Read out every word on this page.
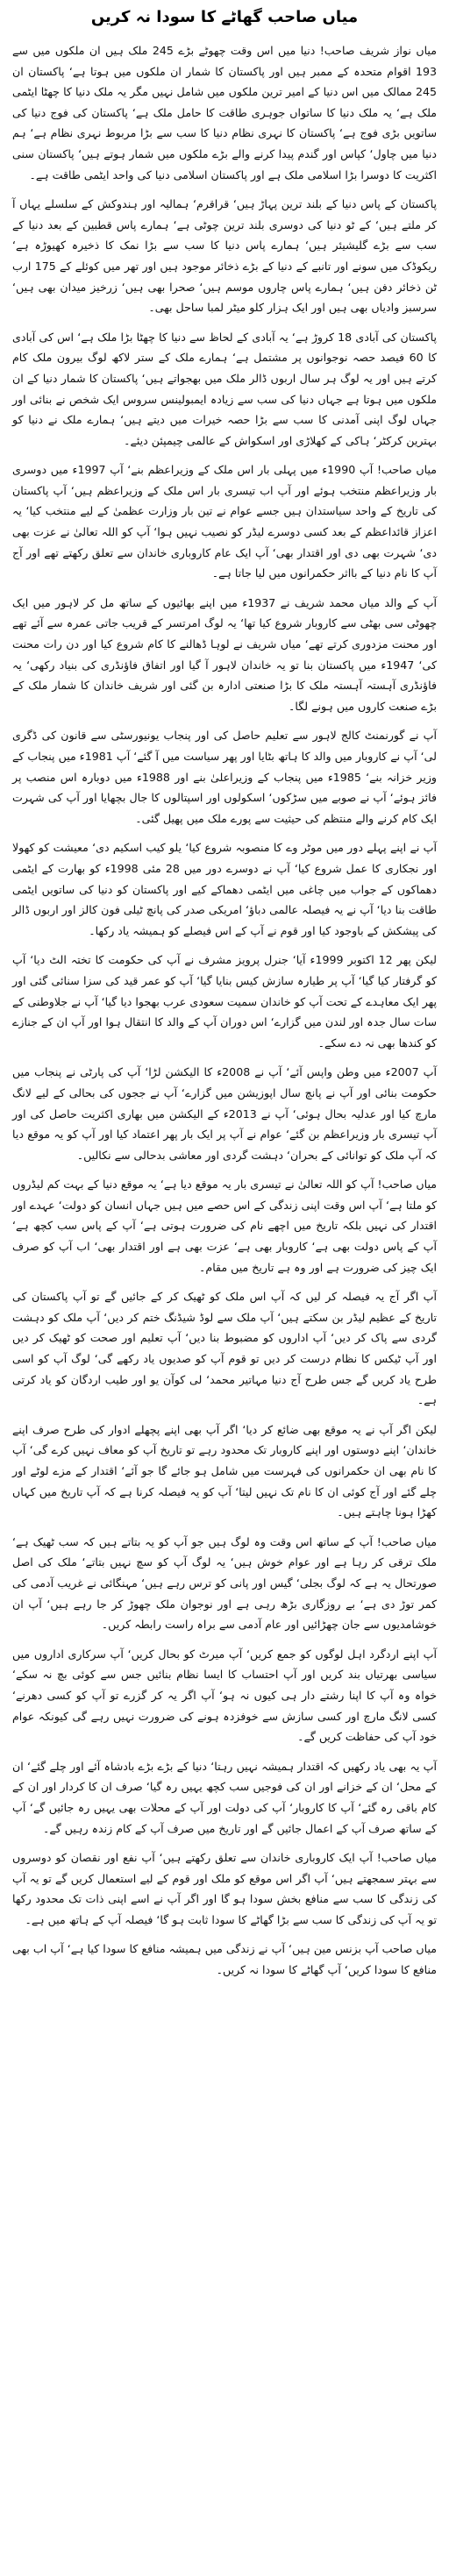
میاں صاحب گھاٹے کا سودا نہ کریں

میاں نواز شریف صاحب! دنیا میں اس وقت چھوٹے بڑے 245 ملک ہیں ان ملکوں میں سے 193 اقوام متحدہ کے ممبر ہیں اور پاکستان کا شمار ان ملکوں میں ہوتا ہے‘ پاکستان ان 245 ممالک میں اس دنیا کے امیر ترین ملکوں میں شامل نہیں مگر یہ ملک دنیا کا چھٹا ایٹمی ملک ہے‘ یہ ملک دنیا کا ساتواں جوہری طاقت کا حامل ملک ہے‘ پاکستان کی فوج دنیا کی ساتویں بڑی فوج ہے‘ پاکستان کا نہری نظام دنیا کا سب سے بڑا مربوط نہری نظام ہے‘ ہم دنیا میں چاول‘ کپاس اور گندم پیدا کرنے والے بڑے ملکوں میں شمار ہوتے ہیں‘ پاکستان سنی اکثریت کا دوسرا بڑا اسلامی ملک ہے اور پاکستان اسلامی دنیا کی واحد ایٹمی طاقت ہے۔

پاکستان کے پاس دنیا کے بلند ترین پہاڑ ہیں‘ قراقرم‘ ہمالیہ اور ہندوکش کے سلسلے یہاں آ کر ملتے ہیں‘ کے ٹو دنیا کی دوسری بلند ترین چوٹی ہے‘ ہمارے پاس قطبین کے بعد دنیا کے سب سے بڑے گلیشیئر ہیں‘ ہمارے پاس دنیا کا سب سے بڑا نمک کا ذخیرہ کھیوڑہ ہے‘ ریکوڈک میں سونے اور تانبے کے دنیا کے بڑے ذخائر موجود ہیں اور تھر میں کوئلے کے 175 ارب ٹن ذخائر دفن ہیں‘ ہمارے پاس چاروں موسم ہیں‘ صحرا بھی ہیں‘ زرخیز میدان بھی ہیں‘ سرسبز وادیاں بھی ہیں اور ایک ہزار کلو میٹر لمبا ساحل بھی۔

پاکستان کی آبادی 18 کروڑ ہے‘ یہ آبادی کے لحاظ سے دنیا کا چھٹا بڑا ملک ہے‘ اس کی آبادی کا 60 فیصد حصہ نوجوانوں پر مشتمل ہے‘ ہمارے ملک کے ستر لاکھ لوگ بیرون ملک کام کرتے ہیں اور یہ لوگ ہر سال اربوں ڈالر ملک میں بھجواتے ہیں‘ پاکستان کا شمار دنیا کے ان ملکوں میں ہوتا ہے جہاں دنیا کی سب سے زیادہ ایمبولینس سروس ایک شخص نے بنائی اور جہاں لوگ اپنی آمدنی کا سب سے بڑا حصہ خیرات میں دیتے ہیں‘ ہمارے ملک نے دنیا کو بہترین کرکٹر‘ ہاکی کے کھلاڑی اور اسکواش کے عالمی چیمپئن دیئے۔

میاں صاحب! آپ 1990ء میں پہلی بار اس ملک کے وزیراعظم بنے‘ آپ 1997ء میں دوسری بار وزیراعظم منتخب ہوئے اور آپ اب تیسری بار اس ملک کے وزیراعظم ہیں‘ آپ پاکستان کی تاریخ کے واحد سیاستدان ہیں جسے عوام نے تین بار وزارت عظمیٰ کے لیے منتخب کیا‘ یہ اعزاز قائداعظم کے بعد کسی دوسرے لیڈر کو نصیب نہیں ہوا‘ آپ کو اللہ تعالیٰ نے عزت بھی دی‘ شہرت بھی دی اور اقتدار بھی‘ آپ ایک عام کاروباری خاندان سے تعلق رکھتے تھے اور آج آپ کا نام دنیا کے بااثر حکمرانوں میں لیا جاتا ہے۔

آپ کے والد میاں محمد شریف نے 1937ء میں اپنے بھائیوں کے ساتھ مل کر لاہور میں ایک چھوٹی سی بھٹی سے کاروبار شروع کیا تھا‘ یہ لوگ امرتسر کے قریب جاتی عمرہ سے آئے تھے اور محنت مزدوری کرتے تھے‘ میاں شریف نے لوہا ڈھالنے کا کام شروع کیا اور دن رات محنت کی‘ 1947ء میں پاکستان بنا تو یہ خاندان لاہور آ گیا اور اتفاق فاؤنڈری کی بنیاد رکھی‘ یہ فاؤنڈری آہستہ آہستہ ملک کا بڑا صنعتی ادارہ بن گئی اور شریف خاندان کا شمار ملک کے بڑے صنعت کاروں میں ہونے لگا۔

آپ نے گورنمنٹ کالج لاہور سے تعلیم حاصل کی اور پنجاب یونیورسٹی سے قانون کی ڈگری لی‘ آپ نے کاروبار میں والد کا ہاتھ بٹایا اور پھر سیاست میں آ گئے‘ آپ 1981ء میں پنجاب کے وزیر خزانہ بنے‘ 1985ء میں پنجاب کے وزیراعلیٰ بنے اور 1988ء میں دوبارہ اس منصب پر فائز ہوئے‘ آپ نے صوبے میں سڑکوں‘ اسکولوں اور اسپتالوں کا جال بچھایا اور آپ کی شہرت ایک کام کرنے والے منتظم کی حیثیت سے پورے ملک میں پھیل گئی۔

آپ نے اپنے پہلے دور میں موٹر وے کا منصوبہ شروع کیا‘ یلو کیب اسکیم دی‘ معیشت کو کھولا اور نجکاری کا عمل شروع کیا‘ آپ نے دوسرے دور میں 28 مئی 1998ء کو بھارت کے ایٹمی دھماکوں کے جواب میں چاغی میں ایٹمی دھماکے کیے اور پاکستان کو دنیا کی ساتویں ایٹمی طاقت بنا دیا‘ آپ نے یہ فیصلہ عالمی دباؤ‘ امریکی صدر کی پانچ ٹیلی فون کالز اور اربوں ڈالر کی پیشکش کے باوجود کیا اور قوم نے آپ کے اس فیصلے کو ہمیشہ یاد رکھا۔

لیکن پھر 12 اکتوبر 1999ء آیا‘ جنرل پرویز مشرف نے آپ کی حکومت کا تختہ الٹ دیا‘ آپ کو گرفتار کیا گیا‘ آپ پر طیارہ سازش کیس بنایا گیا‘ آپ کو عمر قید کی سزا سنائی گئی اور پھر ایک معاہدے کے تحت آپ کو خاندان سمیت سعودی عرب بھجوا دیا گیا‘ آپ نے جلاوطنی کے سات سال جدہ اور لندن میں گزارے‘ اس دوران آپ کے والد کا انتقال ہوا اور آپ ان کے جنازے کو کندھا بھی نہ دے سکے۔

آپ 2007ء میں وطن واپس آئے‘ آپ نے 2008ء کا الیکشن لڑا‘ آپ کی پارٹی نے پنجاب میں حکومت بنائی اور آپ نے پانچ سال اپوزیشن میں گزارے‘ آپ نے ججوں کی بحالی کے لیے لانگ مارچ کیا اور عدلیہ بحال ہوئی‘ آپ نے 2013ء کے الیکشن میں بھاری اکثریت حاصل کی اور آپ تیسری بار وزیراعظم بن گئے‘ عوام نے آپ پر ایک بار پھر اعتماد کیا اور آپ کو یہ موقع دیا کہ آپ ملک کو توانائی کے بحران‘ دہشت گردی اور معاشی بدحالی سے نکالیں۔

میاں صاحب! آپ کو اللہ تعالیٰ نے تیسری بار یہ موقع دیا ہے‘ یہ موقع دنیا کے بہت کم لیڈروں کو ملتا ہے‘ آپ اس وقت اپنی زندگی کے اس حصے میں ہیں جہاں انسان کو دولت‘ عہدے اور اقتدار کی نہیں بلکہ تاریخ میں اچھے نام کی ضرورت ہوتی ہے‘ آپ کے پاس سب کچھ ہے‘ آپ کے پاس دولت بھی ہے‘ کاروبار بھی ہے‘ عزت بھی ہے اور اقتدار بھی‘ اب آپ کو صرف ایک چیز کی ضرورت ہے اور وہ ہے تاریخ میں مقام۔

آپ اگر آج یہ فیصلہ کر لیں کہ آپ اس ملک کو ٹھیک کر کے جائیں گے تو آپ پاکستان کی تاریخ کے عظیم لیڈر بن سکتے ہیں‘ آپ ملک سے لوڈ شیڈنگ ختم کر دیں‘ آپ ملک کو دہشت گردی سے پاک کر دیں‘ آپ اداروں کو مضبوط بنا دیں‘ آپ تعلیم اور صحت کو ٹھیک کر دیں اور آپ ٹیکس کا نظام درست کر دیں تو قوم آپ کو صدیوں یاد رکھے گی‘ لوگ آپ کو اسی طرح یاد کریں گے جس طرح آج دنیا مہاتیر محمد‘ لی کوآن یو اور طیب اردگان کو یاد کرتی ہے۔

لیکن اگر آپ نے یہ موقع بھی ضائع کر دیا‘ اگر آپ بھی اپنے پچھلے ادوار کی طرح صرف اپنے خاندان‘ اپنے دوستوں اور اپنے کاروبار تک محدود رہے تو تاریخ آپ کو معاف نہیں کرے گی‘ آپ کا نام بھی ان حکمرانوں کی فہرست میں شامل ہو جائے گا جو آئے‘ اقتدار کے مزے لوٹے اور چلے گئے اور آج کوئی ان کا نام تک نہیں لیتا‘ آپ کو یہ فیصلہ کرنا ہے کہ آپ تاریخ میں کہاں کھڑا ہونا چاہتے ہیں۔

میاں صاحب! آپ کے ساتھ اس وقت وہ لوگ ہیں جو آپ کو یہ بتاتے ہیں کہ سب ٹھیک ہے‘ ملک ترقی کر رہا ہے اور عوام خوش ہیں‘ یہ لوگ آپ کو سچ نہیں بتاتے‘ ملک کی اصل صورتحال یہ ہے کہ لوگ بجلی‘ گیس اور پانی کو ترس رہے ہیں‘ مہنگائی نے غریب آدمی کی کمر توڑ دی ہے‘ بے روزگاری بڑھ رہی ہے اور نوجوان ملک چھوڑ کر جا رہے ہیں‘ آپ ان خوشامدیوں سے جان چھڑائیں اور عام آدمی سے براہ راست رابطہ کریں۔

آپ اپنے اردگرد اہل لوگوں کو جمع کریں‘ آپ میرٹ کو بحال کریں‘ آپ سرکاری اداروں میں سیاسی بھرتیاں بند کریں اور آپ احتساب کا ایسا نظام بنائیں جس سے کوئی بچ نہ سکے‘ خواہ وہ آپ کا اپنا رشتے دار ہی کیوں نہ ہو‘ آپ اگر یہ کر گزرے تو آپ کو کسی دھرنے‘ کسی لانگ مارچ اور کسی سازش سے خوفزدہ ہونے کی ضرورت نہیں رہے گی کیونکہ عوام خود آپ کی حفاظت کریں گے۔

آپ یہ بھی یاد رکھیں کہ اقتدار ہمیشہ نہیں رہتا‘ دنیا کے بڑے بڑے بادشاہ آئے اور چلے گئے‘ ان کے محل‘ ان کے خزانے اور ان کی فوجیں سب کچھ یہیں رہ گیا‘ صرف ان کا کردار اور ان کے کام باقی رہ گئے‘ آپ کا کاروبار‘ آپ کی دولت اور آپ کے محلات بھی یہیں رہ جائیں گے‘ آپ کے ساتھ صرف آپ کے اعمال جائیں گے اور تاریخ میں صرف آپ کے کام زندہ رہیں گے۔

میاں صاحب! آپ ایک کاروباری خاندان سے تعلق رکھتے ہیں‘ آپ نفع اور نقصان کو دوسروں سے بہتر سمجھتے ہیں‘ آپ اگر اس موقع کو ملک اور قوم کے لیے استعمال کریں گے تو یہ آپ کی زندگی کا سب سے منافع بخش سودا ہو گا اور اگر آپ نے اسے اپنی ذات تک محدود رکھا تو یہ آپ کی زندگی کا سب سے بڑا گھاٹے کا سودا ثابت ہو گا‘ فیصلہ آپ کے ہاتھ میں ہے۔

میاں صاحب آپ بزنس مین ہیں‘ آپ نے زندگی میں ہمیشہ منافع کا سودا کیا ہے‘ آپ اب بھی منافع کا سودا کریں‘ آپ گھاٹے کا سودا نہ کریں۔
